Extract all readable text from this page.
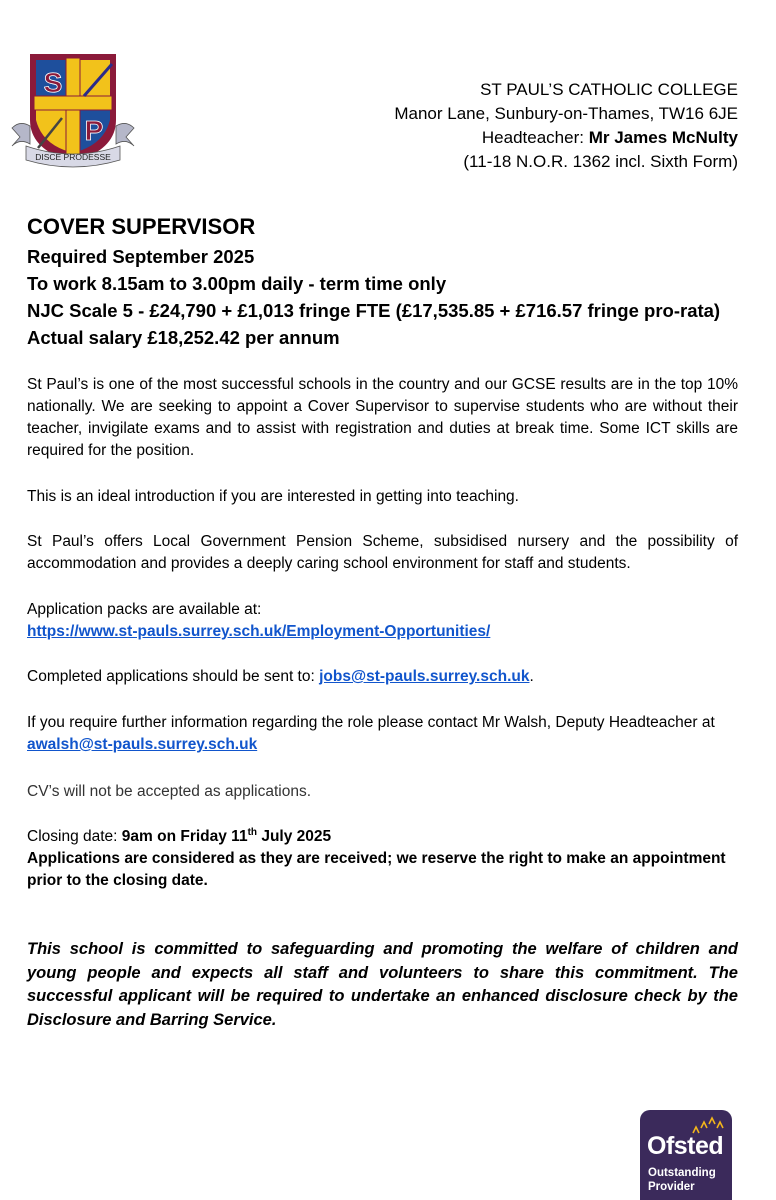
S
P
DISCE PRODESSE
ST PAUL’S CATHOLIC COLLEGE
Manor Lane, Sunbury-on-Thames, TW16 6JE
Headteacher: Mr James McNulty
(11-18 N.O.R. 1362 incl. Sixth Form)
COVER SUPERVISOR
Required September 2025
To work 8.15am to 3.00pm daily - term time only
NJC Scale 5 - £24,790 + £1,013 fringe FTE (£17,535.85 + £716.57 fringe pro-rata)
Actual salary £18,252.42 per annum
St Paul’s is one of the most successful schools in the country and our GCSE results are in the top 10% nationally. We are seeking to appoint a Cover Supervisor to supervise students who are without their teacher, invigilate exams and to assist with registration and duties at break time. Some ICT skills are required for the position.
This is an ideal introduction if you are interested in getting into teaching.
St Paul’s offers Local Government Pension Scheme, subsidised nursery and the possibility of accommodation and provides a deeply caring school environment for staff and students.
Application packs are available at:
https://www.st-pauls.surrey.sch.uk/Employment-Opportunities/
Completed applications should be sent to: jobs@st-pauls.surrey.sch.uk.
If you require further information regarding the role please contact Mr Walsh, Deputy Headteacher at awalsh@st-pauls.surrey.sch.uk
CV’s will not be accepted as applications.
Closing date: 9am on Friday 11th July 2025
Applications are considered as they are received; we reserve the right to make an appointment prior to the closing date.
This school is committed to safeguarding and promoting the welfare of children and young people and expects all staff and volunteers to share this commitment. The successful applicant will be required to undertake an enhanced disclosure check by the Disclosure and Barring Service.
Ofsted
Outstanding
Provider
